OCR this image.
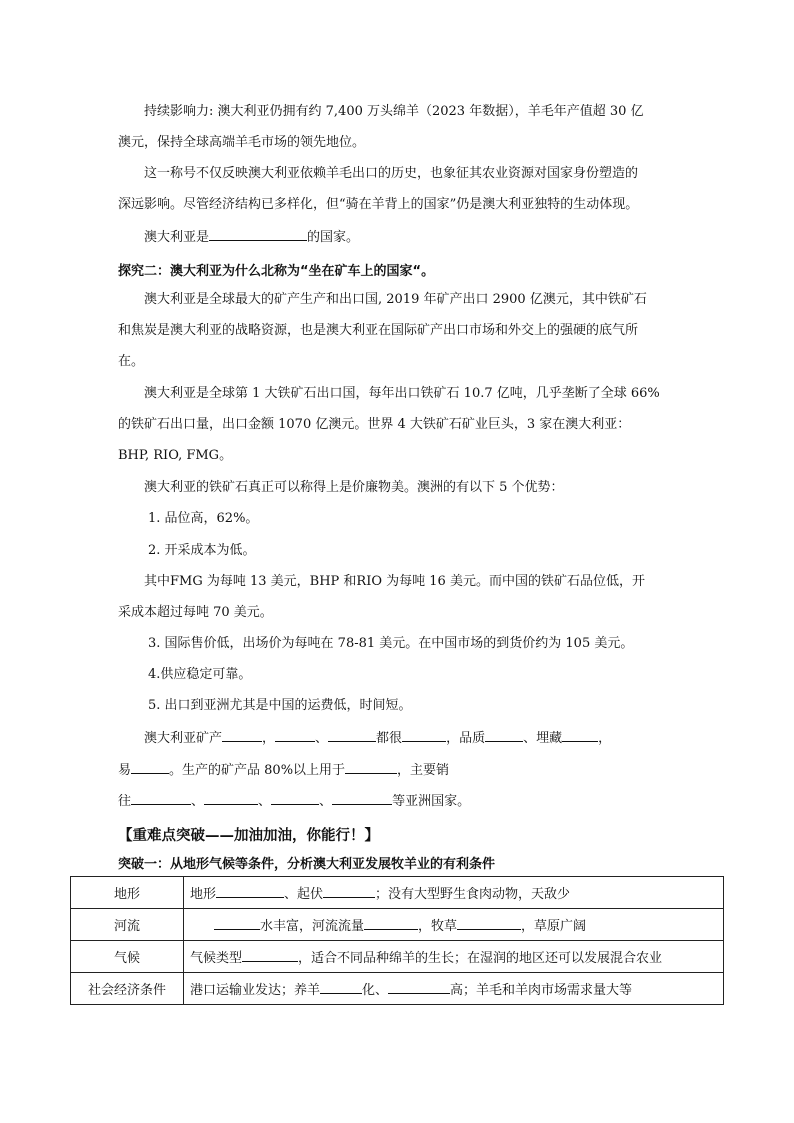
持续影响力: 澳大利亚仍拥有约 7,400 万头绵羊（2023 年数据），羊毛年产值超 30 亿

澳元，保持全球高端羊毛市场的领先地位。

这一称号不仅反映澳大利亚依赖羊毛出口的历史，也象征其农业资源对国家身份塑造的

深远影响。尽管经济结构已多样化，但“骑在羊背上的国家”仍是澳大利亚独特的生动体现。

澳大利亚是	的国家。

探究二：澳大利亚为什么北称为“坐在矿车上的国家“。

澳大利亚是全球最大的矿产生产和出口国, 2019 年矿产出口 2900 亿澳元，其中铁矿石

和焦炭是澳大利亚的战略资源，也是澳大利亚在国际矿产出口市场和外交上的强硬的底气所

在。

澳大利亚是全球第 1 大铁矿石出口国，每年出口铁矿石 10.7 亿吨，几乎垄断了全球 66%

的铁矿石出口量，出口金额 1070 亿澳元。世界 4 大铁矿石矿业巨头，3 家在澳大利亚：

BHP, RIO, FMG。

澳大利亚的铁矿石真正可以称得上是价廉物美。澳洲的有以下 5 个优势：

1. 品位高，62%。

2. 开采成本为低。

其中FMG 为每吨 13 美元，BHP 和RIO 为每吨 16 美元。而中国的铁矿石品位低，开

采成本超过每吨 70 美元。

3. 国际售价低，出场价为每吨在 78-81 美元。在中国市场的到货价约为 105 美元。

4.供应稳定可靠。

5. 出口到亚洲尤其是中国的运费低，时间短。

澳大利亚矿产	，	、	都很	，品质	、埋藏	，

易	。生产的矿产品 80%以上用于	，主要销

往	、	、	、	等亚洲国家。

【重难点突破——加油加油，你能行！】
突破一：从地形气候等条件，分析澳大利亚发展牧羊业的有利条件
地形	地形 、起伏 ；没有大型野生食肉动物，天敌少
河流	水丰富，河流流量 ，牧草 ，草原广阔
气候	气候类型 ，适合不同品种绵羊的生长；在湿润的地区还可以发展混合农业
社会经济条件	港口运输业发达；养羊 化、 高；羊毛和羊肉市场需求量大等
